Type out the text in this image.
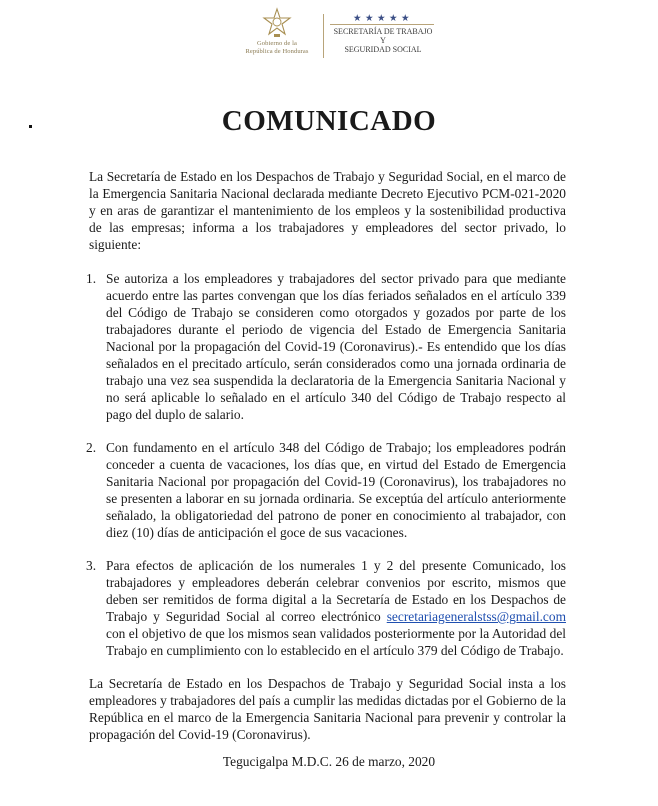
Gobierno de la
República de Honduras
★★★★★
SECRETARÍA DE TRABAJO Y
SEGURIDAD SOCIAL
COMUNICADO

La Secretaría de Estado en los Despachos de Trabajo y Seguridad Social, en el marco de la Emergencia Sanitaria Nacional declarada mediante Decreto Ejecutivo PCM-021-2020 y en aras de garantizar el mantenimiento de los empleos y la sostenibilidad productiva de las empresas; informa a los trabajadores y empleadores del sector privado, lo siguiente:

1. Se autoriza a los empleadores y trabajadores del sector privado para que mediante acuerdo entre las partes convengan que los días feriados señalados en el artículo 339 del Código de Trabajo se consideren como otorgados y gozados por parte de los trabajadores durante el periodo de vigencia del Estado de Emergencia Sanitaria Nacional por la propagación del Covid-19 (Coronavirus).- Es entendido que los días señalados en el precitado artículo, serán considerados como una jornada ordinaria de trabajo una vez sea suspendida la declaratoria de la Emergencia Sanitaria Nacional y no será aplicable lo señalado en el artículo 340 del Código de Trabajo respecto al pago del duplo de salario.
2. Con fundamento en el artículo 348 del Código de Trabajo; los empleadores podrán conceder a cuenta de vacaciones, los días que, en virtud del Estado de Emergencia Sanitaria Nacional por propagación del Covid-19 (Coronavirus), los trabajadores no se presenten a laborar en su jornada ordinaria. Se exceptúa del artículo anteriormente señalado, la obligatoriedad del patrono de poner en conocimiento al trabajador, con diez (10) días de anticipación el goce de sus vacaciones.
3. Para efectos de aplicación de los numerales 1 y 2 del presente Comunicado, los trabajadores y empleadores deberán celebrar convenios por escrito, mismos que deben ser remitidos de forma digital a la Secretaría de Estado en los Despachos de Trabajo y Seguridad Social al correo electrónico secretariageneralstss@gmail.com con el objetivo de que los mismos sean validados posteriormente por la Autoridad del Trabajo en cumplimiento con lo establecido en el artículo 379 del Código de Trabajo.

La Secretaría de Estado en los Despachos de Trabajo y Seguridad Social insta a los empleadores y trabajadores del país a cumplir las medidas dictadas por el Gobierno de la República en el marco de la Emergencia Sanitaria Nacional para prevenir y controlar la propagación del Covid-19 (Coronavirus).

Tegucigalpa M.D.C. 26 de marzo, 2020
